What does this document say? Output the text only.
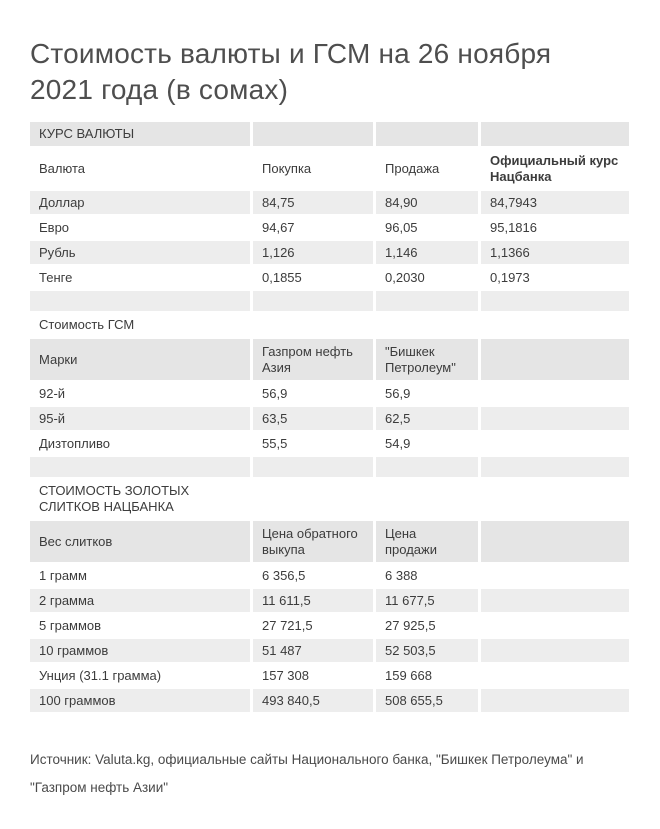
Стоимость валюты и ГСМ на 26 ноября 2021 года (в сомах)
КУРС ВАЛЮТЫ			
Валюта	Покупка	Продажа	Официальный курс Нацбанка
Доллар	84,75	84,90	84,7943
Евро	94,67	96,05	95,1816
Рубль	1,126	1,146	1,1366
Тенге	0,1855	0,2030	0,1973

Стоимость ГСМ			
Марки	Газпром нефть Азия	"Бишкек Петролеум"	
92-й	56,9	56,9	
95-й	63,5	62,5	
Дизтопливо	55,5	54,9	

СТОИМОСТЬ ЗОЛОТЫХ СЛИТКОВ НАЦБАНКА			
Вес слитков	Цена обратного выкупа	Цена продажи	
1 грамм	6 356,5	6 388	
2 грамма	11 611,5	11 677,5	
5 граммов	27 721,5	27 925,5	
10 граммов	51 487	52 503,5	
Унция (31.1 грамма)	157 308	159 668	
100 граммов	493 840,5	508 655,5	

Источник: Valuta.kg, официальные сайты Национального банка, "Бишкек Петролеума" и "Газпром нефть Азии"
